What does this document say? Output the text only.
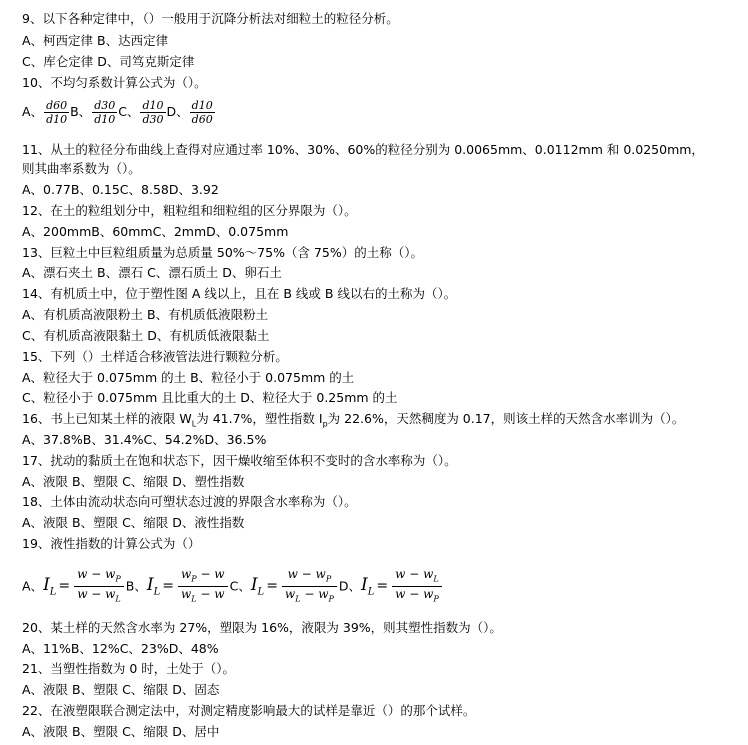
9、以下各种定律中，（）一般用于沉降分析法对细粒土的粒径分析。
A、柯西定律 B、达西定律
C、库仑定律 D、司笃克斯定律
10、不均匀系数计算公式为（）。
A、 $\frac{d60}{d10}$ B、 $\frac{d30}{d10}$ C、 $\frac{d10}{d30}$ D、 $\frac{d10}{d60}$
11、从土的粒径分布曲线上查得对应通过率 10%、30%、60%的粒径分别为 0.0065mm、0.0112mm 和 0.0250mm，
则其曲率系数为（）。
A、0.77B、0.15C、8.58D、3.92
12、在土的粒组划分中，粗粒组和细粒组的区分界限为（）。
A、200mmB、60mmC、2mmD、0.075mm
13、巨粒土中巨粒组质量为总质量 50%～75%（含 75%）的土称（）。
A、漂石夹土 B、漂石 C、漂石质土 D、卵石土
14、有机质土中，位于塑性图 A 线以上，且在 B 线或 B 线以右的土称为（）。
A、有机质高液限粉土 B、有机质低液限粉土
C、有机质高液限黏土 D、有机质低液限黏土
15、下列（）土样适合移液管法进行颗粒分析。
A、粒径大于 0.075mm 的土 B、粒径小于 0.075mm 的土
C、粒径小于 0.075mm 且比重大的土 D、粒径大于 0.25mm 的土
16、书上已知某土样的液限 $W_L$为 41.7%，塑性指数 $I_p$为 22.6%，天然稠度为 0.17，则该土样的天然含水率训为（）。
A、37.8%B、31.4%C、54.2%D、36.5%
17、扰动的黏质土在饱和状态下，因干燥收缩至体积不变时的含水率称为（）。
A、液限 B、塑限 C、缩限 D、塑性指数
18、土体由流动状态向可塑状态过渡的界限含水率称为（）。
A、液限 B、塑限 C、缩限 D、液性指数
19、液性指数的计算公式为（）
A、$I_L = \frac{w - w_P}{w - w_L}$ B、$I_L = \frac{w_P - w}{w_L - w}$ C、$I_L = \frac{w - w_P}{w_L - w_P}$ D、$I_L = \frac{w - w_L}{w - w_P}$
20、某土样的天然含水率为 27%，塑限为 16%，液限为 39%，则其塑性指数为（）。
A、11%B、12%C、23%D、48%
21、当塑性指数为 0 时，土处于（）。
A、液限 B、塑限 C、缩限 D、固态
22、在液塑限联合测定法中，对测定精度影响最大的试样是靠近（）的那个试样。
A、液限 B、塑限 C、缩限 D、居中
